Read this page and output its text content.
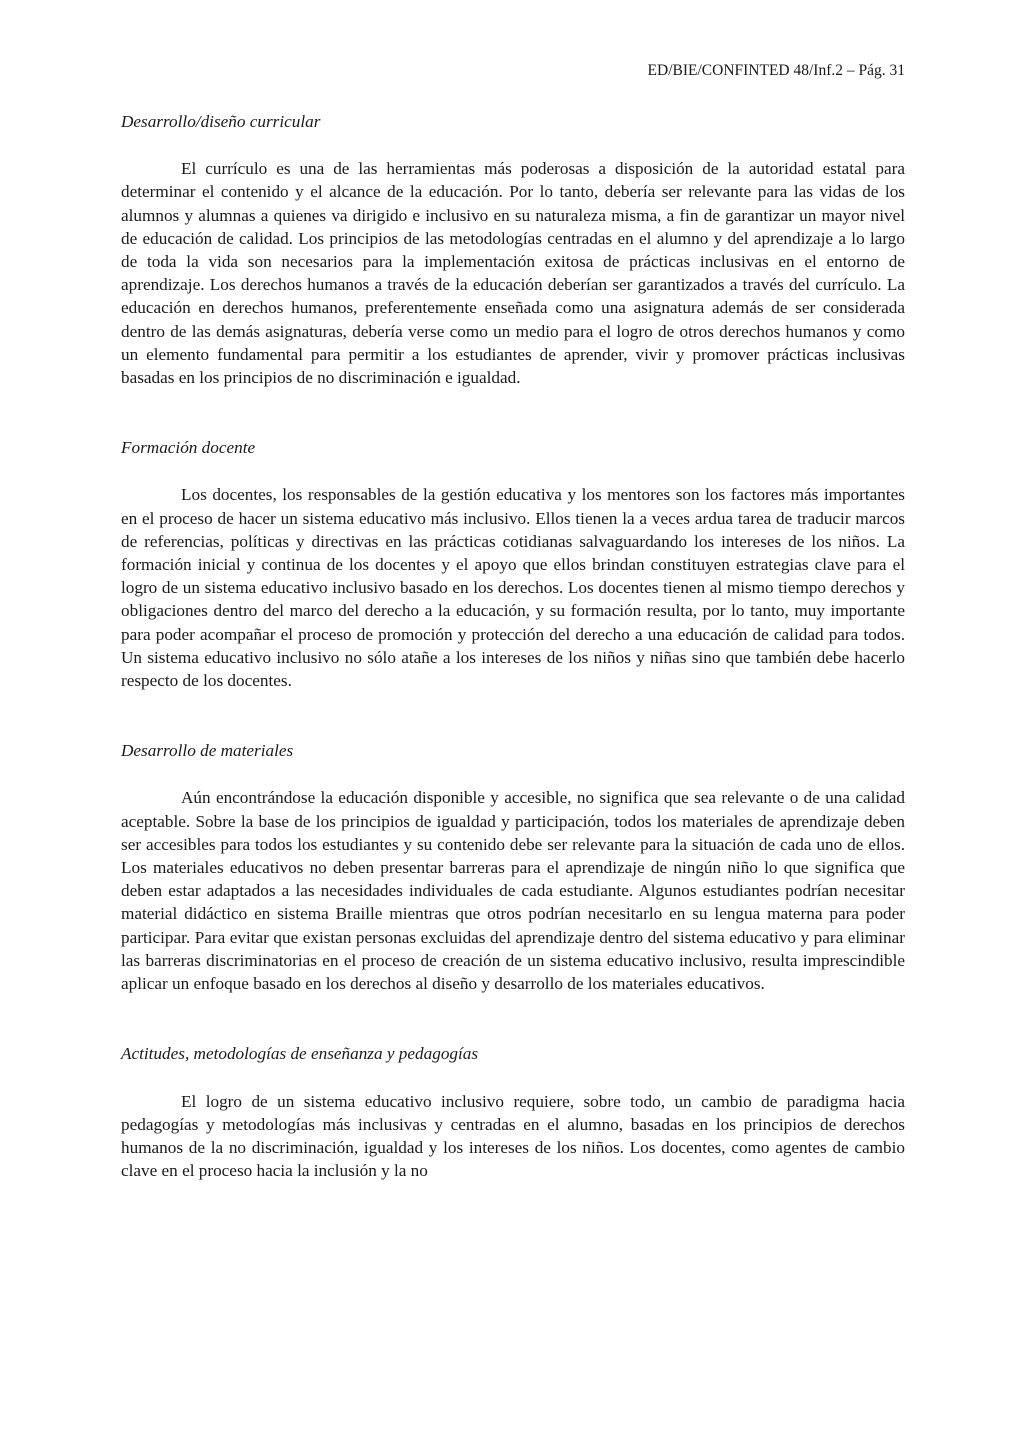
ED/BIE/CONFINTED 48/Inf.2 – Pág. 31
Desarrollo/diseño curricular

El currículo es una de las herramientas más poderosas a disposición de la autoridad estatal para determinar el contenido y el alcance de la educación. Por lo tanto, debería ser relevante para las vidas de los alumnos y alumnas a quienes va dirigido e inclusivo en su naturaleza misma, a fin de garantizar un mayor nivel de educación de calidad. Los principios de las metodologías centradas en el alumno y del aprendizaje a lo largo de toda la vida son necesarios para la implementación exitosa de prácticas inclusivas en el entorno de aprendizaje. Los derechos humanos a través de la educación deberían ser garantizados a través del currículo. La educación en derechos humanos, preferentemente enseñada como una asignatura además de ser considerada dentro de las demás asignaturas, debería verse como un medio para el logro de otros derechos humanos y como un elemento fundamental para permitir a los estudiantes de aprender, vivir y promover prácticas inclusivas basadas en los principios de no discriminación e igualdad.

Formación docente

Los docentes, los responsables de la gestión educativa y los mentores son los factores más importantes en el proceso de hacer un sistema educativo más inclusivo. Ellos tienen la a veces ardua tarea de traducir marcos de referencias, políticas y directivas en las prácticas cotidianas salvaguardando los intereses de los niños. La formación inicial y continua de los docentes y el apoyo que ellos brindan constituyen estrategias clave para el logro de un sistema educativo inclusivo basado en los derechos. Los docentes tienen al mismo tiempo derechos y obligaciones dentro del marco del derecho a la educación, y su formación resulta, por lo tanto, muy importante para poder acompañar el proceso de promoción y protección del derecho a una educación de calidad para todos. Un sistema educativo inclusivo no sólo atañe a los intereses de los niños y niñas sino que también debe hacerlo respecto de los docentes.

Desarrollo de materiales

Aún encontrándose la educación disponible y accesible, no significa que sea relevante o de una calidad aceptable. Sobre la base de los principios de igualdad y participación, todos los materiales de aprendizaje deben ser accesibles para todos los estudiantes y su contenido debe ser relevante para la situación de cada uno de ellos. Los materiales educativos no deben presentar barreras para el aprendizaje de ningún niño lo que significa que deben estar adaptados a las necesidades individuales de cada estudiante. Algunos estudiantes podrían necesitar material didáctico en sistema Braille mientras que otros podrían necesitarlo en su lengua materna para poder participar. Para evitar que existan personas excluidas del aprendizaje dentro del sistema educativo y para eliminar las barreras discriminatorias en el proceso de creación de un sistema educativo inclusivo, resulta imprescindible aplicar un enfoque basado en los derechos al diseño y desarrollo de los materiales educativos.

Actitudes, metodologías de enseñanza y pedagogías

El logro de un sistema educativo inclusivo requiere, sobre todo, un cambio de paradigma hacia pedagogías y metodologías más inclusivas y centradas en el alumno, basadas en los principios de derechos humanos de la no discriminación, igualdad y los intereses de los niños. Los docentes, como agentes de cambio clave en el proceso hacia la inclusión y la no
